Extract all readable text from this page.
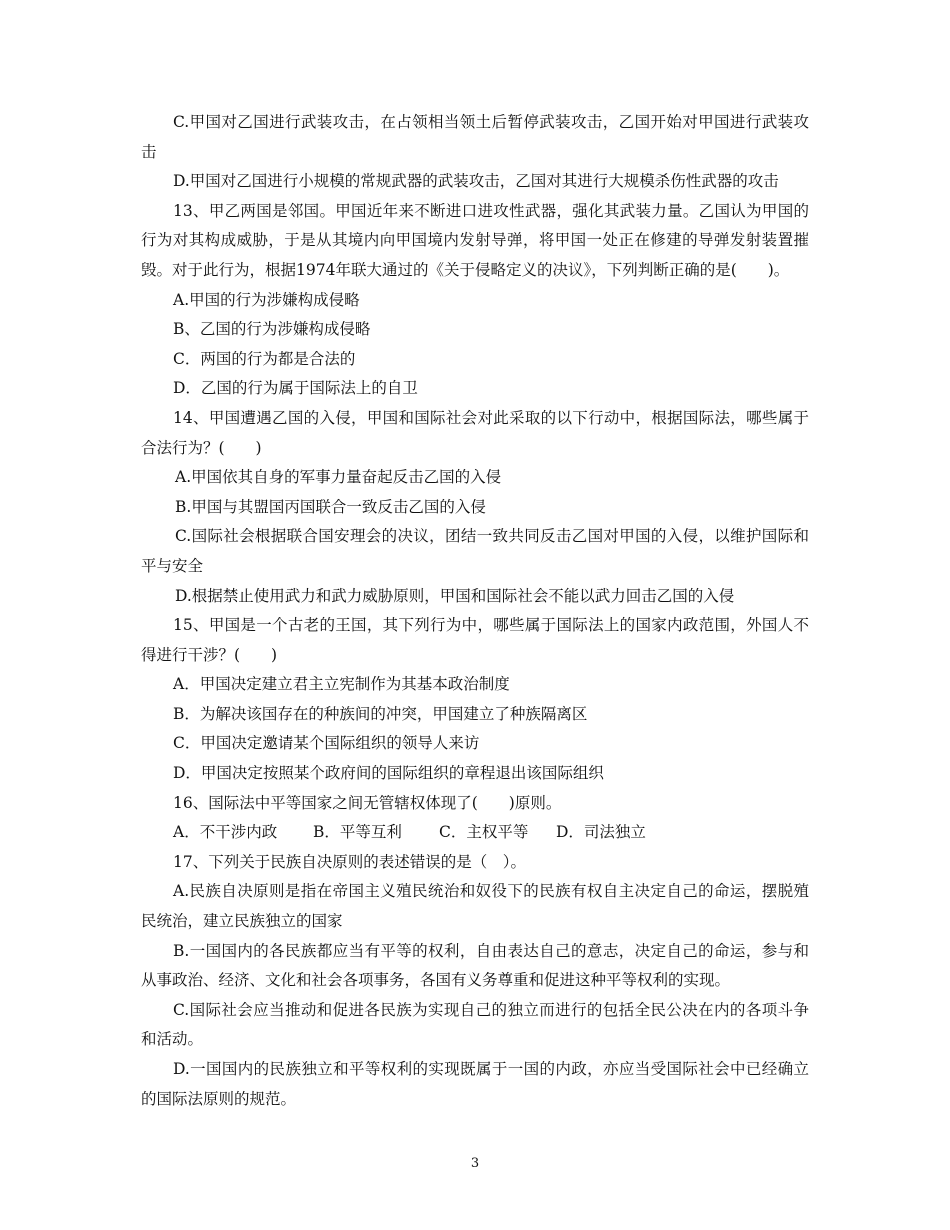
C.甲国对乙国进行武装攻击，在占领相当领土后暂停武装攻击，乙国开始对甲国进行武装攻击

D.甲国对乙国进行小规模的常规武器的武装攻击，乙国对其进行大规模杀伤性武器的攻击

13、甲乙两国是邻国。甲国近年来不断进口进攻性武器，强化其武装力量。乙国认为甲国的行为对其构成威胁，于是从其境内向甲国境内发射导弹，将甲国一处正在修建的导弹发射装置摧毁。对于此行为，根据1974年联大通过的《关于侵略定义的决议》，下列判断正确的是(　　)。

A.甲国的行为涉嫌构成侵略

B、乙国的行为涉嫌构成侵略

C．两国的行为都是合法的

D．乙国的行为属于国际法上的自卫

14、甲国遭遇乙国的入侵，甲国和国际社会对此采取的以下行动中，根据国际法，哪些属于合法行为？(　　)

A.甲国依其自身的军事力量奋起反击乙国的入侵

B.甲国与其盟国丙国联合一致反击乙国的入侵

C.国际社会根据联合国安理会的决议，团结一致共同反击乙国对甲国的入侵，以维护国际和平与安全

D.根据禁止使用武力和武力威胁原则，甲国和国际社会不能以武力回击乙国的入侵

15、甲国是一个古老的王国，其下列行为中，哪些属于国际法上的国家内政范围，外国人不得进行干涉？(　　)

A．甲国决定建立君主立宪制作为其基本政治制度

B．为解决该国存在的种族间的冲突，甲国建立了种族隔离区

C．甲国决定邀请某个国际组织的领导人来访

D．甲国决定按照某个政府间的国际组织的章程退出该国际组织

16、国际法中平等国家之间无管辖权体现了(　　)原则。

A．不干涉内政 B．平等互利 C．主权平等 D．司法独立

17、下列关于民族自决原则的表述错误的是（　）。

A.民族自决原则是指在帝国主义殖民统治和奴役下的民族有权自主决定自己的命运，摆脱殖民统治，建立民族独立的国家

B.一国国内的各民族都应当有平等的权利，自由表达自己的意志，决定自己的命运，参与和从事政治、经济、文化和社会各项事务，各国有义务尊重和促进这种平等权利的实现。

C.国际社会应当推动和促进各民族为实现自己的独立而进行的包括全民公决在内的各项斗争和活动。

D.一国国内的民族独立和平等权利的实现既属于一国的内政，亦应当受国际社会中已经确立的国际法原则的规范。

3
